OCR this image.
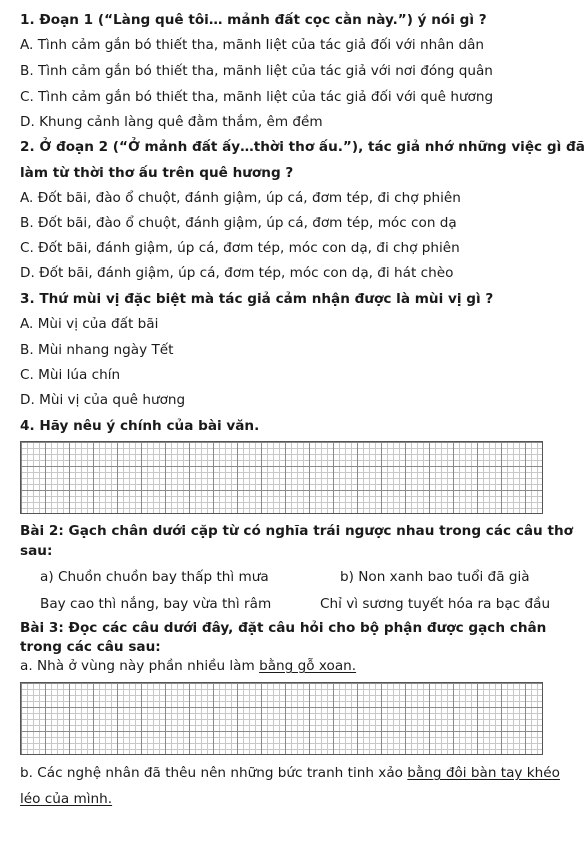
1. Đoạn 1 (“Làng quê tôi… mảnh đất cọc cằn này.”) ý nói gì ?
A. Tình cảm gắn bó thiết tha, mãnh liệt của tác giả đối với nhân dân
B. Tình cảm gắn bó thiết tha, mãnh liệt của tác giả với nơi đóng quân
C. Tình cảm gắn bó thiết tha, mãnh liệt của tác giả đối với quê hương
D. Khung cảnh làng quê đằm thắm, êm đềm
2. Ở đoạn 2 (“Ở mảnh đất ấy…thời thơ ấu.”), tác giả nhớ những việc gì đã
làm từ thời thơ ấu trên quê hương ?
A. Đốt bãi, đào ổ chuột, đánh giậm, úp cá, đơm tép, đi chợ phiên
B. Đốt bãi, đào ổ chuột, đánh giậm, úp cá, đơm tép, móc con dạ
C. Đốt bãi, đánh giậm, úp cá, đơm tép, móc con dạ, đi chợ phiên
D. Đốt bãi, đánh giậm, úp cá, đơm tép, móc con dạ, đi hát chèo
3. Thứ mùi vị đặc biệt mà tác giả cảm nhận được là mùi vị gì ?
A. Mùi vị của đất bãi
B. Mùi nhang ngày Tết
C. Mùi lúa chín
D. Mùi vị của quê hương
4. Hãy nêu ý chính của bài văn.
Bài 2: Gạch chân dưới cặp từ có nghĩa trái ngược nhau trong các câu thơ
sau:
a) Chuồn chuồn bay thấp thì mưa
Bay cao thì nắng, bay vừa thì râm
b) Non xanh bao tuổi đã già
Chỉ vì sương tuyết hóa ra bạc đầu
Bài 3: Đọc các câu dưới đây, đặt câu hỏi cho bộ phận được gạch chân
trong các câu sau:
a. Nhà ở vùng này phần nhiều làm bằng gỗ xoan.
b. Các nghệ nhân đã thêu nên những bức tranh tinh xảo bằng đôi bàn tay khéo
léo của mình.
